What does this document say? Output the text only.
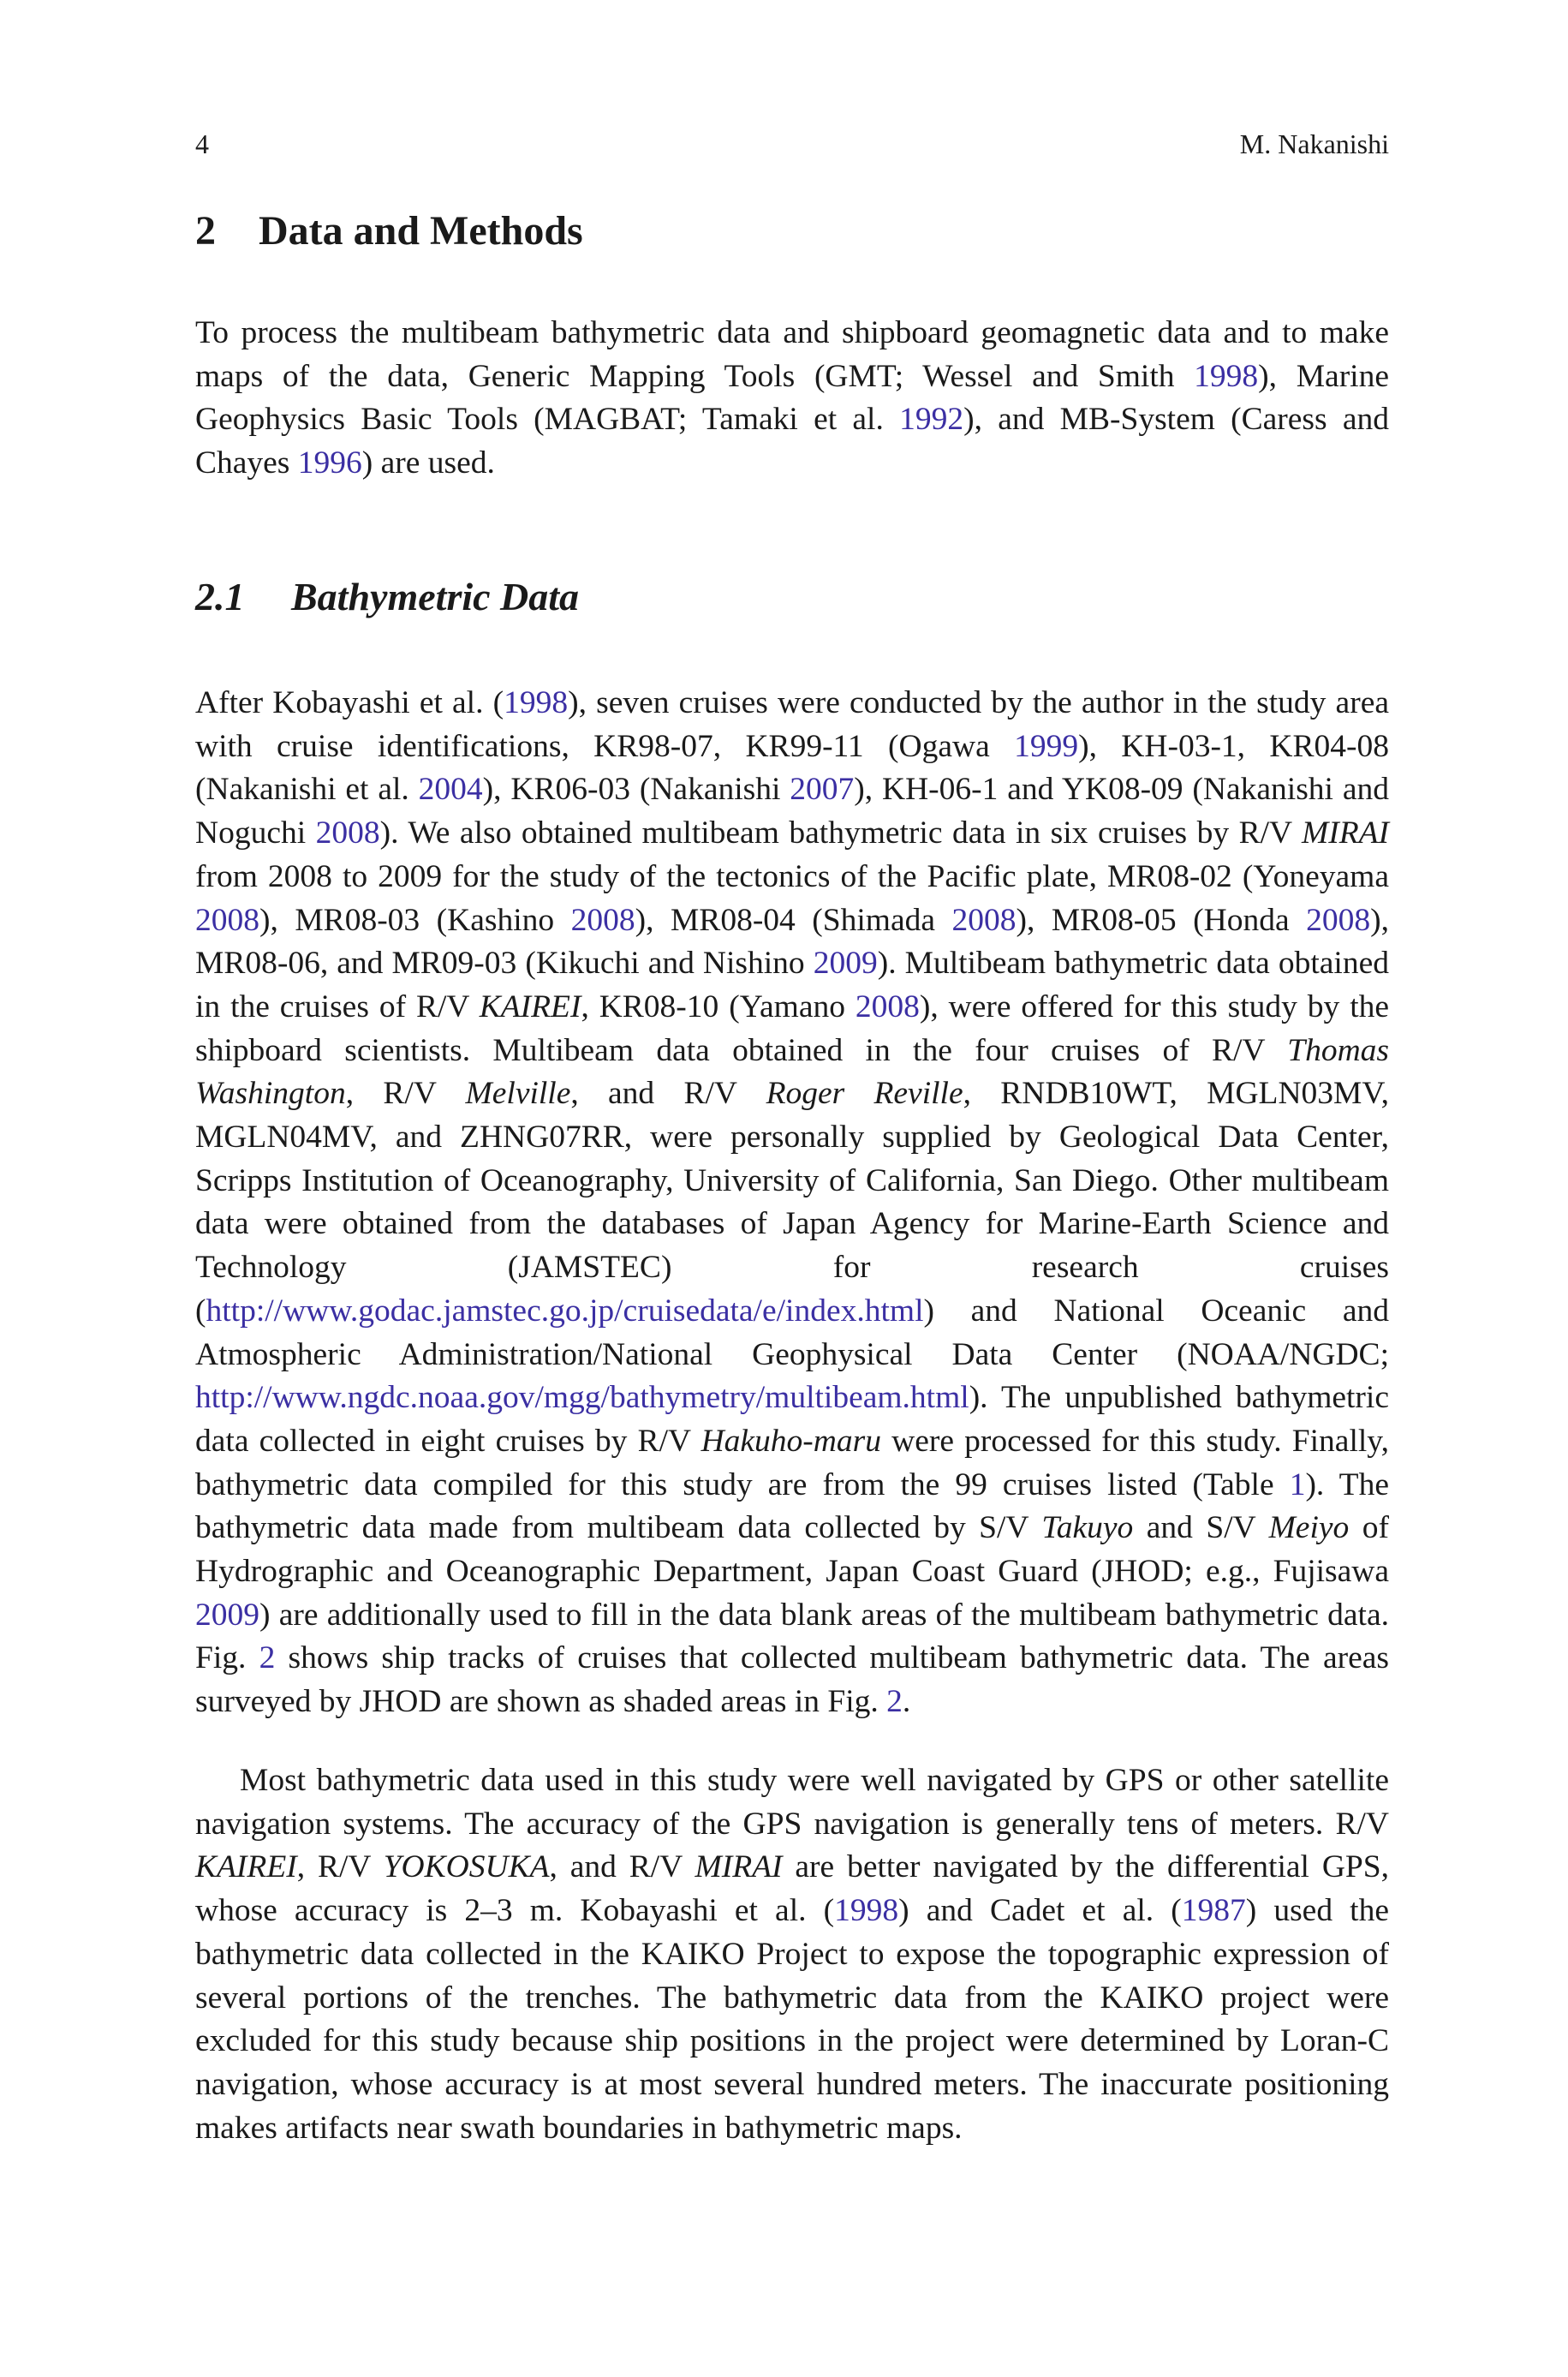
4	M. Nakanishi
2 Data and Methods

To process the multibeam bathymetric data and shipboard geomagnetic data and to make maps of the data, Generic Mapping Tools (GMT; Wessel and Smith 1998), Marine Geophysics Basic Tools (MAGBAT; Tamaki et al. 1992), and MB-System (Caress and Chayes 1996) are used.

2.1 Bathymetric Data

After Kobayashi et al. (1998), seven cruises were conducted by the author in the study area with cruise identifications, KR98-07, KR99-11 (Ogawa 1999), KH-03-1, KR04-08 (Nakanishi et al. 2004), KR06-03 (Nakanishi 2007), KH-06-1 and YK08-09 (Nakanishi and Noguchi 2008). We also obtained multibeam bathymetric data in six cruises by R/V MIRAI from 2008 to 2009 for the study of the tectonics of the Pacific plate, MR08-02 (Yoneyama 2008), MR08-03 (Kashino 2008), MR08-04 (Shimada 2008), MR08-05 (Honda 2008), MR08-06, and MR09-03 (Kikuchi and Nishino 2009). Multibeam bathymetric data obtained in the cruises of R/V KAIREI, KR08-10 (Yamano 2008), were offered for this study by the shipboard scientists. Multibeam data obtained in the four cruises of R/V Thomas Washington, R/V Melville, and R/V Roger Reville, RNDB10WT, MGLN03MV, MGLN04MV, and ZHNG07RR, were personally supplied by Geological Data Center, Scripps Institution of Oceanography, University of California, San Diego. Other multibeam data were obtained from the databases of Japan Agency for Marine-Earth Science and Technology (JAMSTEC) for research cruises (http://www.godac.jamstec.go.jp/cruisedata/e/index.html) and National Oceanic and Atmospheric Administration/National Geophysical Data Center (NOAA/NGDC; http://www.ngdc.noaa.gov/mgg/bathymetry/multibeam.html). The unpublished bathymetric data collected in eight cruises by R/V Hakuho-maru were processed for this study. Finally, bathymetric data compiled for this study are from the 99 cruises listed (Table 1). The bathymetric data made from multibeam data collected by S/V Takuyo and S/V Meiyo of Hydrographic and Oceanographic Department, Japan Coast Guard (JHOD; e.g., Fujisawa 2009) are additionally used to fill in the data blank areas of the multibeam bathymetric data. Fig. 2 shows ship tracks of cruises that collected multibeam bathymetric data. The areas surveyed by JHOD are shown as shaded areas in Fig. 2.

Most bathymetric data used in this study were well navigated by GPS or other satellite navigation systems. The accuracy of the GPS navigation is generally tens of meters. R/V KAIREI, R/V YOKOSUKA, and R/V MIRAI are better navigated by the differential GPS, whose accuracy is 2–3 m. Kobayashi et al. (1998) and Cadet et al. (1987) used the bathymetric data collected in the KAIKO Project to expose the topographic expression of several portions of the trenches. The bathymetric data from the KAIKO project were excluded for this study because ship positions in the project were determined by Loran-C navigation, whose accuracy is at most several hundred meters. The inaccurate positioning makes artifacts near swath boundaries in bathymetric maps.
